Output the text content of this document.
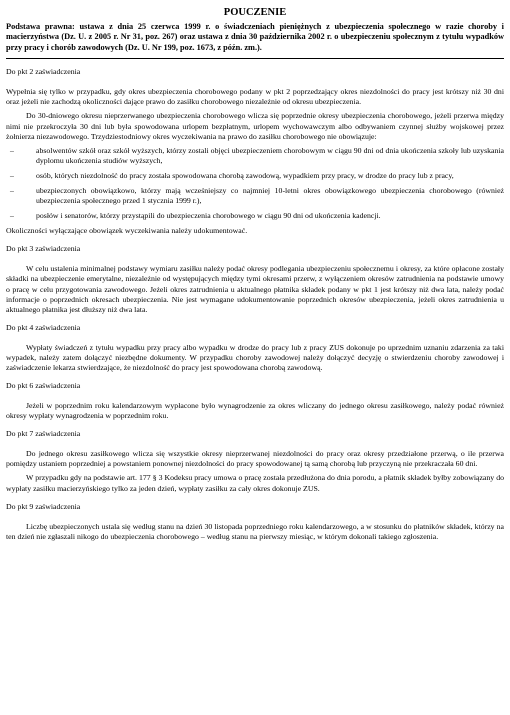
POUCZENIE

Podstawa prawna: ustawa z dnia 25 czerwca 1999 r. o świadczeniach pieniężnych z ubezpieczenia społecznego w razie choroby i macierzyństwa (Dz. U. z 2005 r. Nr 31, poz. 267) oraz ustawa z dnia 30 października 2002 r. o ubezpieczeniu społecznym z tytułu wypadków przy pracy i chorób zawodowych (Dz. U. Nr 199, poz. 1673, z późn. zm.).

Do pkt 2 zaświadczenia

Wypełnia się tylko w przypadku, gdy okres ubezpieczenia chorobowego podany w pkt 2 poprzedzający okres niezdolności do pracy jest krótszy niż 30 dni oraz jeżeli nie zachodzą okoliczności dające prawo do zasiłku chorobowego niezależnie od okresu ubezpieczenia.

Do 30-dniowego okresu nieprzerwanego ubezpieczenia chorobowego wlicza się poprzednie okresy ubezpieczenia chorobowego, jeżeli przerwa między nimi nie przekroczyła 30 dni lub była spowodowana urlopem bezpłatnym, urlopem wychowawczym albo odbywaniem czynnej służby wojskowej przez żołnierza niezawodowego. Trzydziestodniowy okres wyczekiwania na prawo do zasiłku chorobowego nie obowiązuje:

–	absolwentów szkół oraz szkół wyższych, którzy zostali objęci ubezpieczeniem chorobowym w ciągu 90 dni od dnia ukończenia szkoły lub uzyskania dyplomu ukończenia studiów wyższych,
–	osób, których niezdolność do pracy została spowodowana chorobą zawodową, wypadkiem przy pracy, w drodze do pracy lub z pracy,
–	ubezpieczonych obowiązkowo, którzy mają wcześniejszy co najmniej 10-letni okres obowiązkowego ubezpieczenia chorobowego (również ubezpieczenia społecznego przed 1 stycznia 1999 r.),
–	posłów i senatorów, którzy przystąpili do ubezpieczenia chorobowego w ciągu 90 dni od ukończenia kadencji.

Okoliczności wyłączające obowiązek wyczekiwania należy udokumentować.

Do pkt 3 zaświadczenia

W celu ustalenia minimalnej podstawy wymiaru zasiłku należy podać okresy podlegania ubezpieczeniu społecznemu i okresy, za które opłacone zostały składki na ubezpieczenie emerytalne, niezależnie od występujących między tymi okresami przerw, z wyłączeniem okresów zatrudnienia na podstawie umowy o pracę w celu przygotowania zawodowego. Jeżeli okres zatrudnienia u aktualnego płatnika składek podany w pkt 1 jest krótszy niż dwa lata, należy podać informacje o poprzednich okresach ubezpieczenia. Nie jest wymagane udokumentowanie poprzednich okresów ubezpieczenia, jeżeli okres zatrudnienia u aktualnego płatnika jest dłuższy niż dwa lata.

Do pkt 4 zaświadczenia

Wypłaty świadczeń z tytułu wypadku przy pracy albo wypadku w drodze do pracy lub z pracy ZUS dokonuje po uprzednim uznaniu zdarzenia za taki wypadek, należy zatem dołączyć niezbędne dokumenty. W przypadku choroby zawodowej należy dołączyć decyzję o stwierdzeniu choroby zawodowej i zaświadczenie lekarza stwierdzające, że niezdolność do pracy jest spowodowana chorobą zawodową.

Do pkt 6 zaświadczenia

Jeżeli w poprzednim roku kalendarzowym wypłacone było wynagrodzenie za okres wliczany do jednego okresu zasiłkowego, należy podać również okresy wypłaty wynagrodzenia w poprzednim roku.

Do pkt 7 zaświadczenia

Do jednego okresu zasiłkowego wlicza się wszystkie okresy nieprzerwanej niezdolności do pracy oraz okresy przedziałone przerwą, o ile przerwa pomiędzy ustaniem poprzedniej a powstaniem ponownej niezdolności do pracy spowodowanej tą samą chorobą lub przyczyną nie przekraczała 60 dni.

W przypadku gdy na podstawie art. 177 § 3 Kodeksu pracy umowa o pracę została przedłużona do dnia porodu, a płatnik składek byłby zobowiązany do wypłaty zasiłku macierzyńskiego tylko za jeden dzień, wypłaty zasiłku za cały okres dokonuje ZUS.

Do pkt 9 zaświadczenia

Liczbę ubezpieczonych ustala się według stanu na dzień 30 listopada poprzedniego roku kalendarzowego, a w stosunku do płatników składek, którzy na ten dzień nie zgłaszali nikogo do ubezpieczenia chorobowego – według stanu na pierwszy miesiąc, w którym dokonali takiego zgłoszenia.
